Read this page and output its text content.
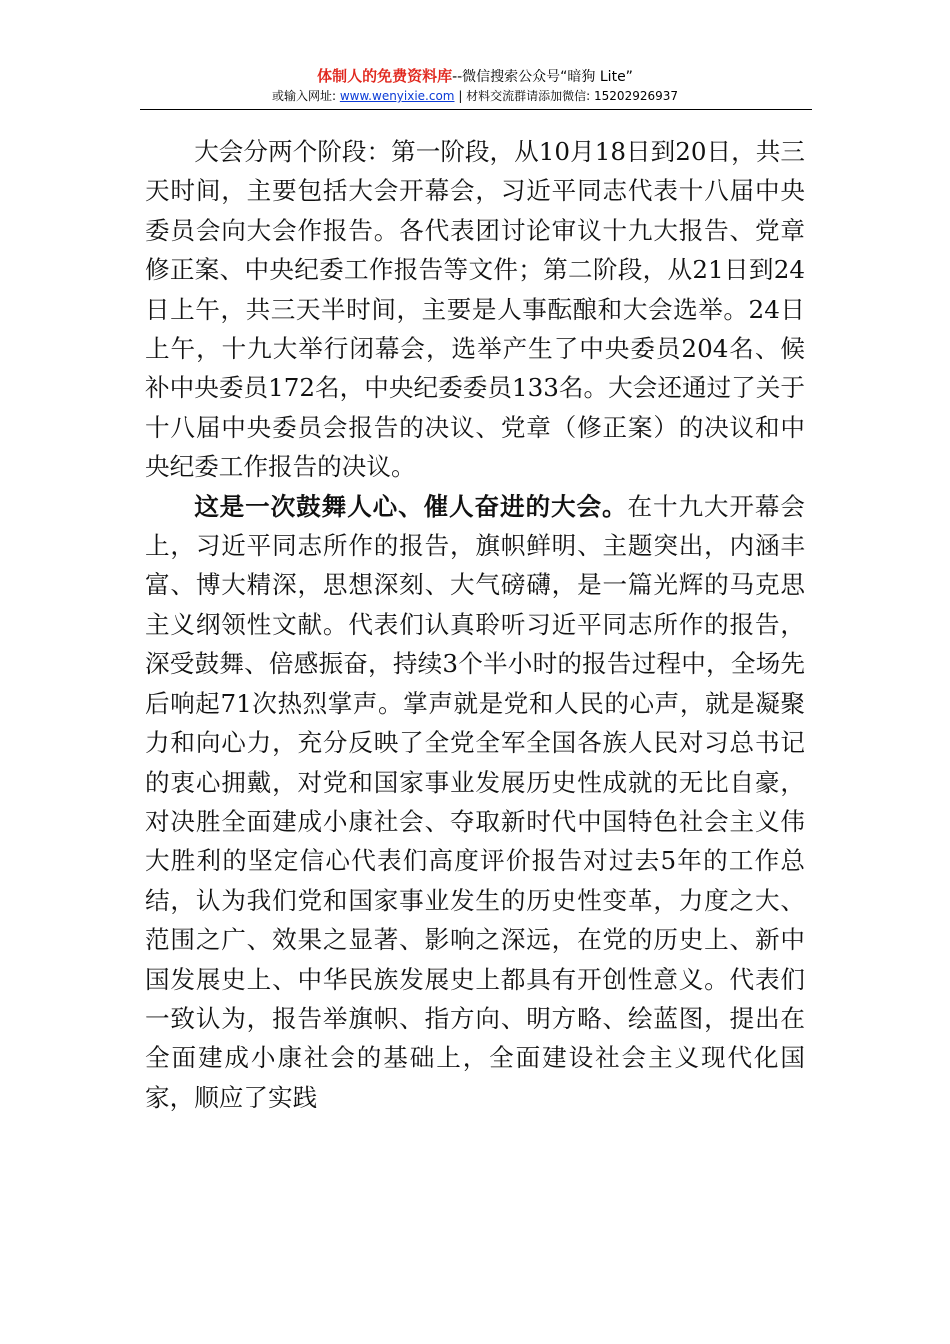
体制人的免费资料库--微信搜索公众号“暗狗 Lite”
或输入网址: www.wenyixie.com | 材料交流群请添加微信: 15202926937

大会分两个阶段：第一阶段，从10月18日到20日，共三天时间，主要包括大会开幕会，习近平同志代表十八届中央委员会向大会作报告。各代表团讨论审议十九大报告、党章修正案、中央纪委工作报告等文件；第二阶段，从21日到24日上午，共三天半时间，主要是人事酝酿和大会选举。24日上午，十九大举行闭幕会，选举产生了中央委员204名、候补中央委员172名，中央纪委委员133名。大会还通过了关于十八届中央委员会报告的决议、党章（修正案）的决议和中央纪委工作报告的决议。

这是一次鼓舞人心、催人奋进的大会。在十九大开幕会上，习近平同志所作的报告，旗帜鲜明、主题突出，内涵丰富、博大精深，思想深刻、大气磅礴，是一篇光辉的马克思主义纲领性文献。代表们认真聆听习近平同志所作的报告，深受鼓舞、倍感振奋，持续3个半小时的报告过程中，全场先后响起71次热烈掌声。掌声就是党和人民的心声，就是凝聚力和向心力，充分反映了全党全军全国各族人民对习总书记的衷心拥戴，对党和国家事业发展历史性成就的无比自豪，对决胜全面建成小康社会、夺取新时代中国特色社会主义伟大胜利的坚定信心代表们高度评价报告对过去5年的工作总结，认为我们党和国家事业发生的历史性变革，力度之大、范围之广、效果之显著、影响之深远，在党的历史上、新中国发展史上、中华民族发展史上都具有开创性意义。代表们一致认为，报告举旗帜、指方向、明方略、绘蓝图，提出在全面建成小康社会的基础上，全面建设社会主义现代化国家，顺应了实践
